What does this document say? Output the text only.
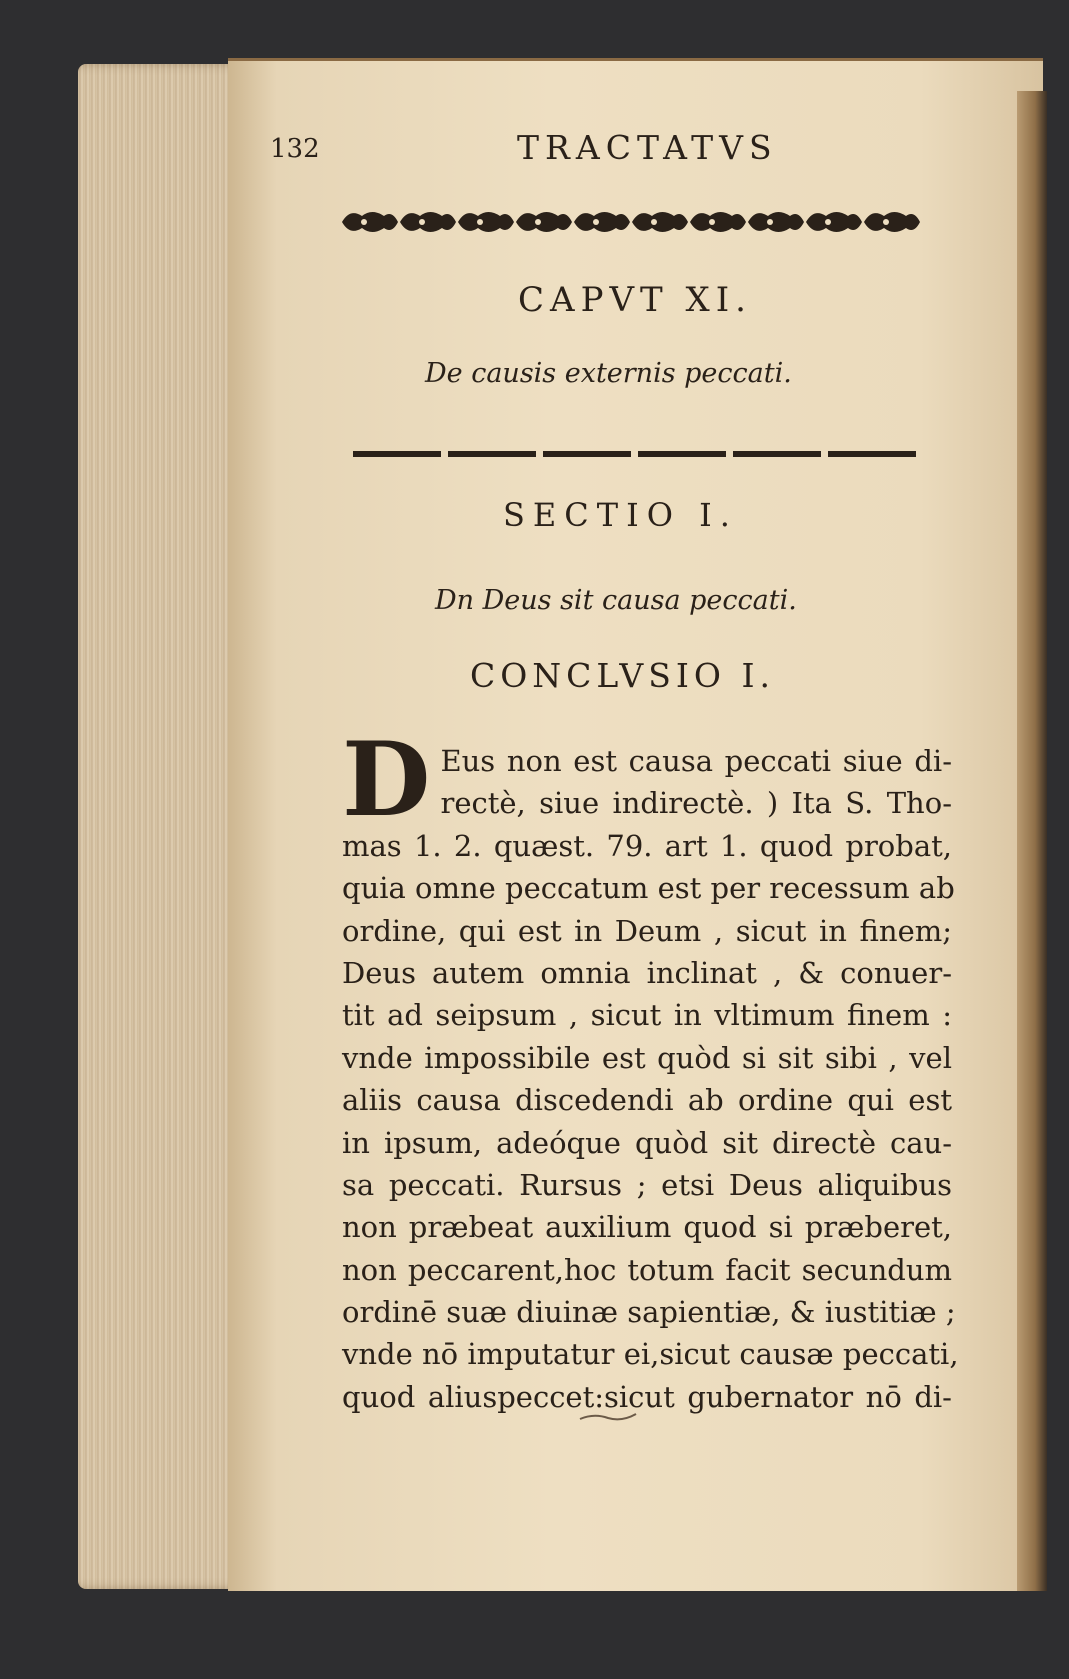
132	TRACTATVS
CAPVT XI.
De causis externis peccati.
SECTIO I.
Dn Deus sit causa peccati.
CONCLVSIO I.
D Eus non est causa peccati siue di-
rectè, siue indirectè. ) Ita S. Tho-
mas 1. 2. quæst. 79. art 1. quod probat,
quia omne peccatum est per recessum ab
ordine, qui est in Deum , sicut in finem;
Deus autem omnia inclinat , & conuer-
tit ad seipsum , sicut in vltimum finem :
vnde impossibile est quòd si sit sibi , vel
aliis causa discedendi ab ordine qui est
in ipsum, adeóque quòd sit directè cau-
sa peccati. Rursus ; etsi Deus aliquibus
non præbeat auxilium quod si præberet,
non peccarent,hoc totum facit secundum
ordinē suæ diuinæ sapientiæ, & iustitiæ ;
vnde nō imputatur ei,sicut causæ peccati,
quod aliuspeccet:sicut gubernator nō di-
